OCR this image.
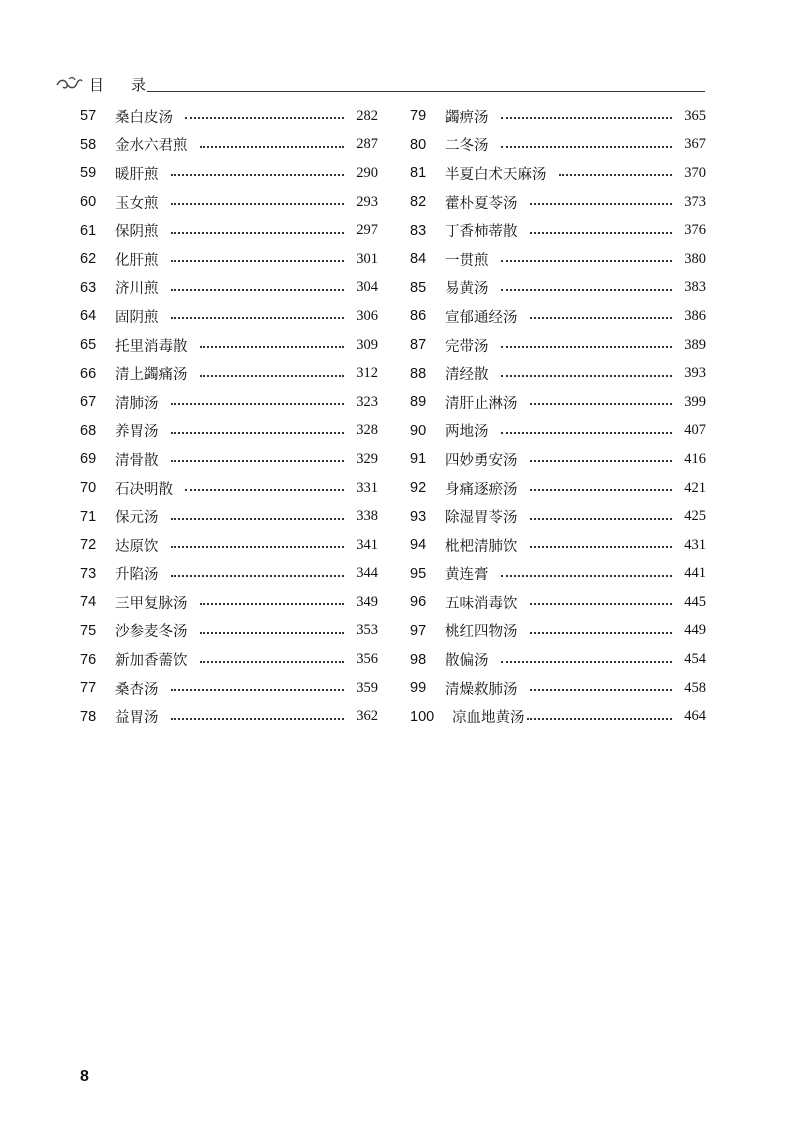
目 录
57	桑白皮汤	282
58	金水六君煎	287
59	暖肝煎	290
60	玉女煎	293
61	保阴煎	297
62	化肝煎	301
63	济川煎	304
64	固阴煎	306
65	托里消毒散	309
66	清上蠲痛汤	312
67	清肺汤	323
68	养胃汤	328
69	清骨散	329
70	石决明散	331
71	保元汤	338
72	达原饮	341
73	升陷汤	344
74	三甲复脉汤	349
75	沙参麦冬汤	353
76	新加香薷饮	356
77	桑杏汤	359
78	益胃汤	362
79	蠲痹汤	365
80	二冬汤	367
81	半夏白术天麻汤	370
82	藿朴夏苓汤	373
83	丁香柿蒂散	376
84	一贯煎	380
85	易黄汤	383
86	宣郁通经汤	386
87	完带汤	389
88	清经散	393
89	清肝止淋汤	399
90	两地汤	407
91	四妙勇安汤	416
92	身痛逐瘀汤	421
93	除湿胃苓汤	425
94	枇杷清肺饮	431
95	黄连膏	441
96	五味消毒饮	445
97	桃红四物汤	449
98	散偏汤	454
99	清燥救肺汤	458
100	凉血地黄汤	464
8
